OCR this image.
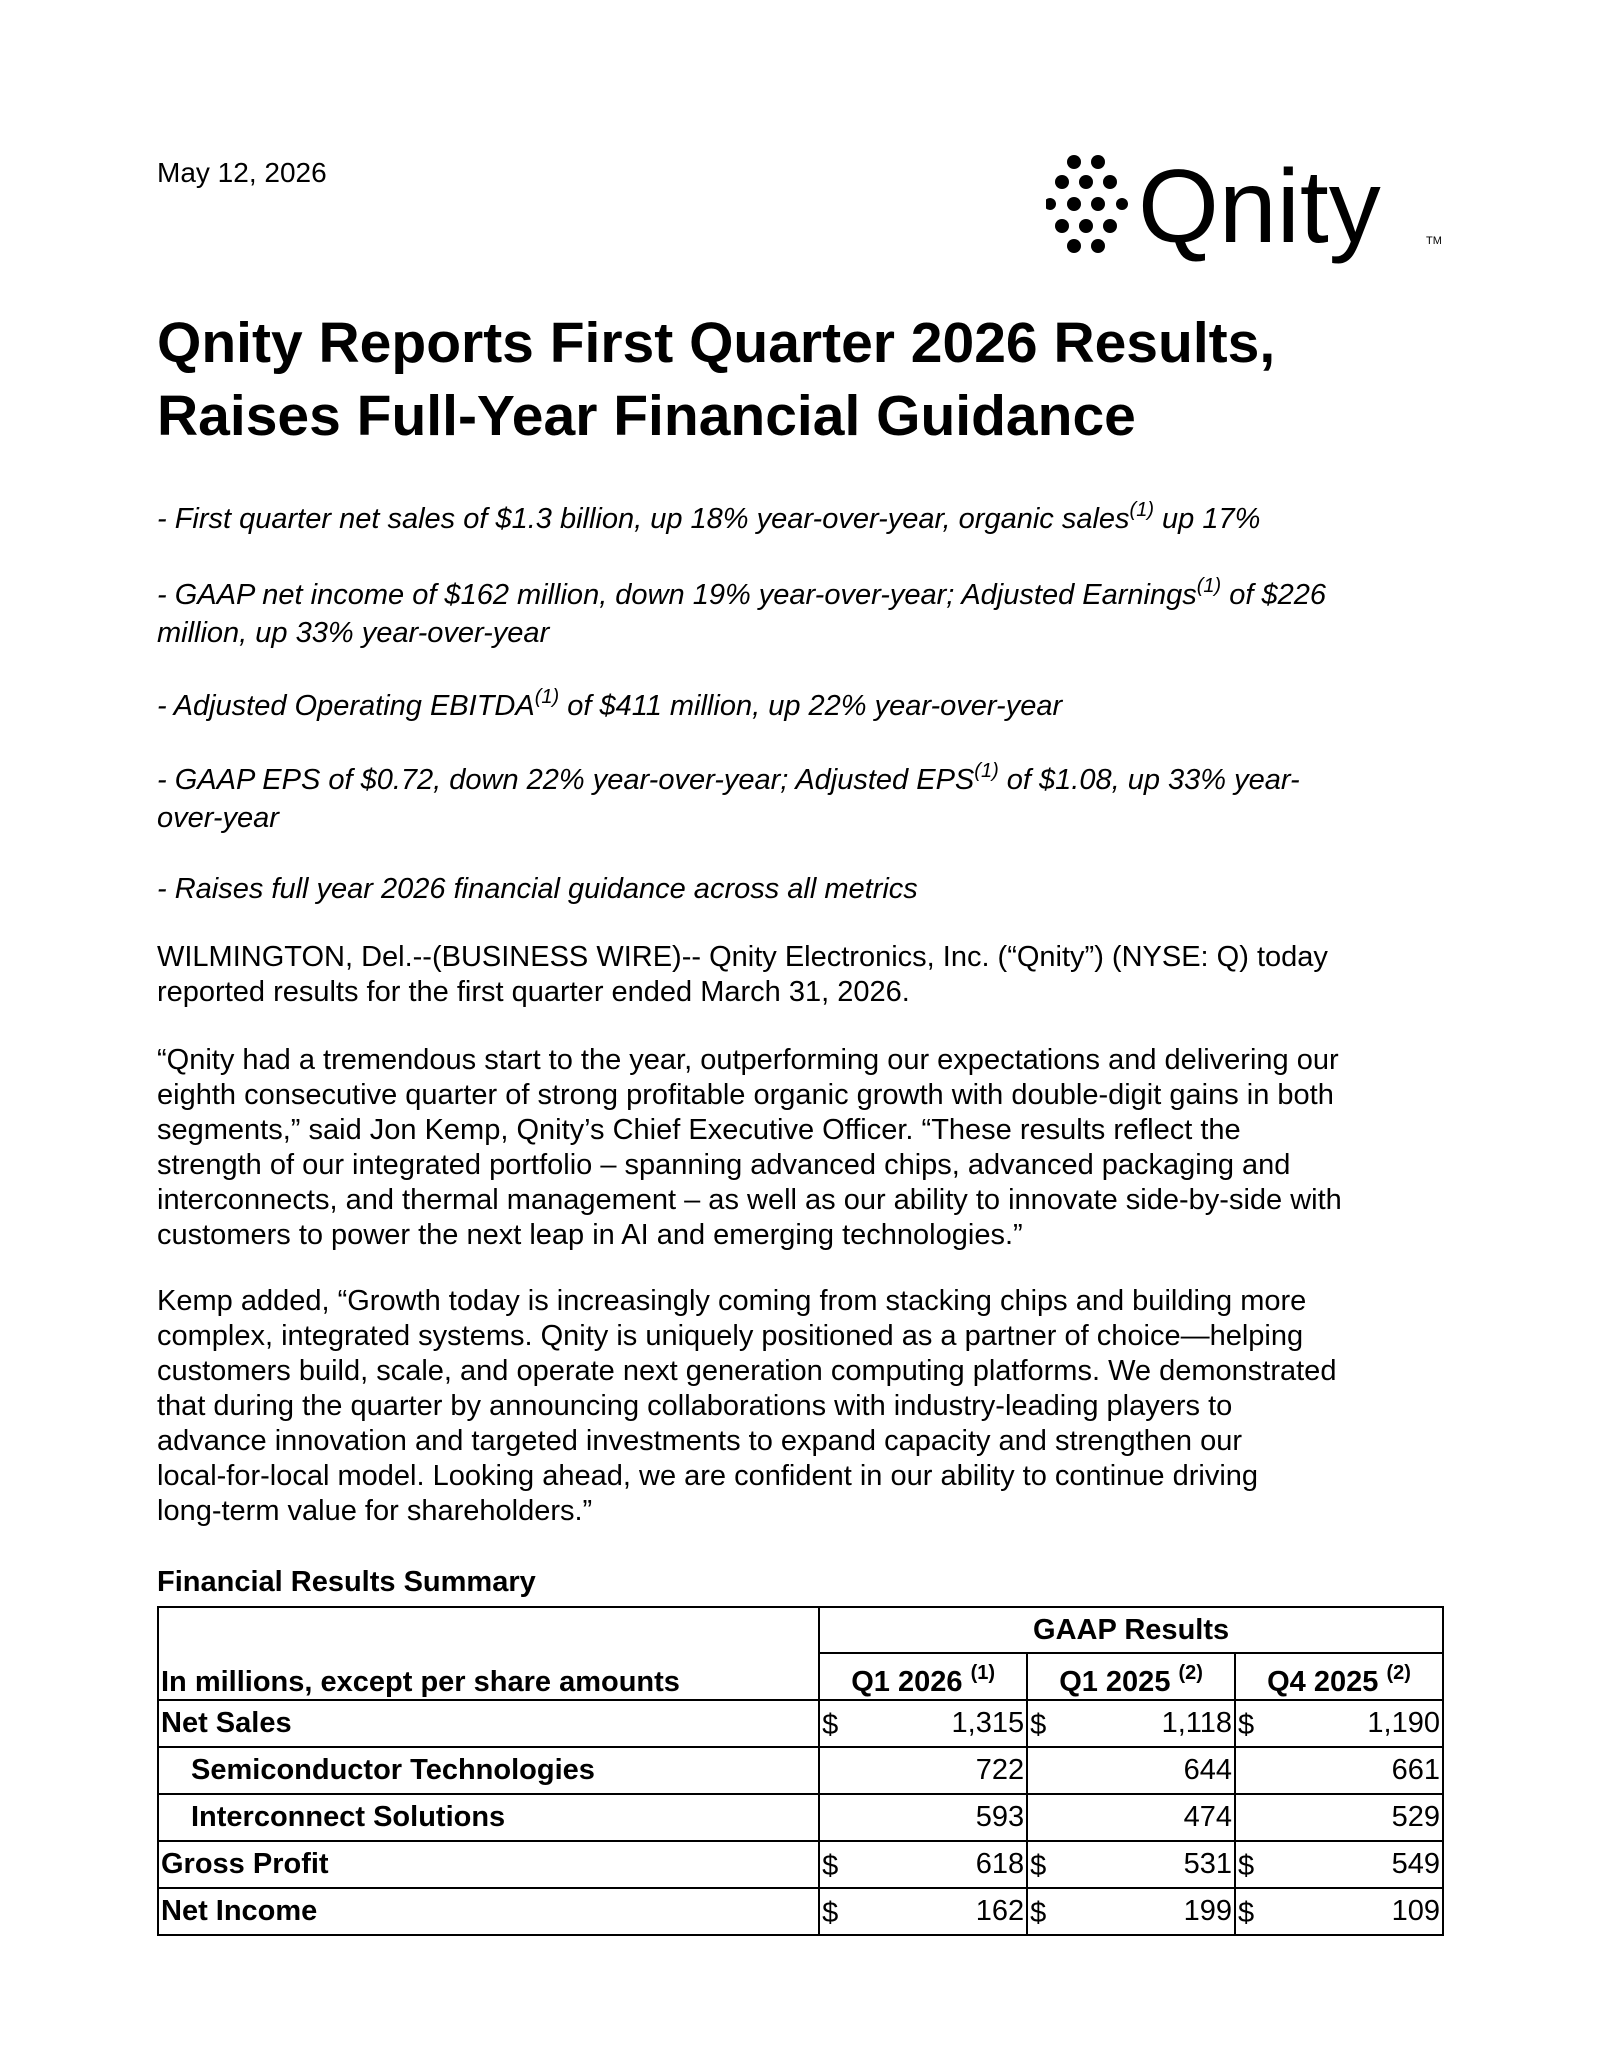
May 12, 2026	Qnity	TM
Qnity Reports First Quarter 2026 Results,
Raises Full-Year Financial Guidance

- First quarter net sales of $1.3 billion, up 18% year-over-year, organic sales$^{(1)}$ up 17%

- GAAP net income of $162 million, down 19% year-over-year; Adjusted Earnings$^{(1)}$ of $226
million, up 33% year-over-year

- Adjusted Operating EBITDA$^{(1)}$ of $411 million, up 22% year-over-year

- GAAP EPS of $0.72, down 22% year-over-year; Adjusted EPS$^{(1)}$ of $1.08, up 33% year-
over-year

- Raises full year 2026 financial guidance across all metrics

WILMINGTON, Del.--(BUSINESS WIRE)-- Qnity Electronics, Inc. (“Qnity”) (NYSE: Q) today
reported results for the first quarter ended March 31, 2026.

“Qnity had a tremendous start to the year, outperforming our expectations and delivering our
eighth consecutive quarter of strong profitable organic growth with double-digit gains in both
segments,” said Jon Kemp, Qnity’s Chief Executive Officer. “These results reflect the
strength of our integrated portfolio – spanning advanced chips, advanced packaging and
interconnects, and thermal management – as well as our ability to innovate side-by-side with
customers to power the next leap in AI and emerging technologies.”

Kemp added, “Growth today is increasingly coming from stacking chips and building more
complex, integrated systems. Qnity is uniquely positioned as a partner of choice—helping
customers build, scale, and operate next generation computing platforms. We demonstrated
that during the quarter by announcing collaborations with industry-leading players to
advance innovation and targeted investments to expand capacity and strengthen our
local-for-local model. Looking ahead, we are confident in our ability to continue driving
long-term value for shareholders.”

Financial Results Summary

	GAAP Results		
In millions, except per share amounts	Q1 2026 $^{(1)}$	Q1 2025 $^{(2)}$	Q4 2025 $^{(2)}$
Net Sales	$ 1,315	$ 1,118	$ 1,190

Semiconductor Technologies	722	644	661

Interconnect Solutions	593	474	529

Gross Profit	$ 618	$ 531	$ 549

Net Income	$ 162	$ 199	$ 109
